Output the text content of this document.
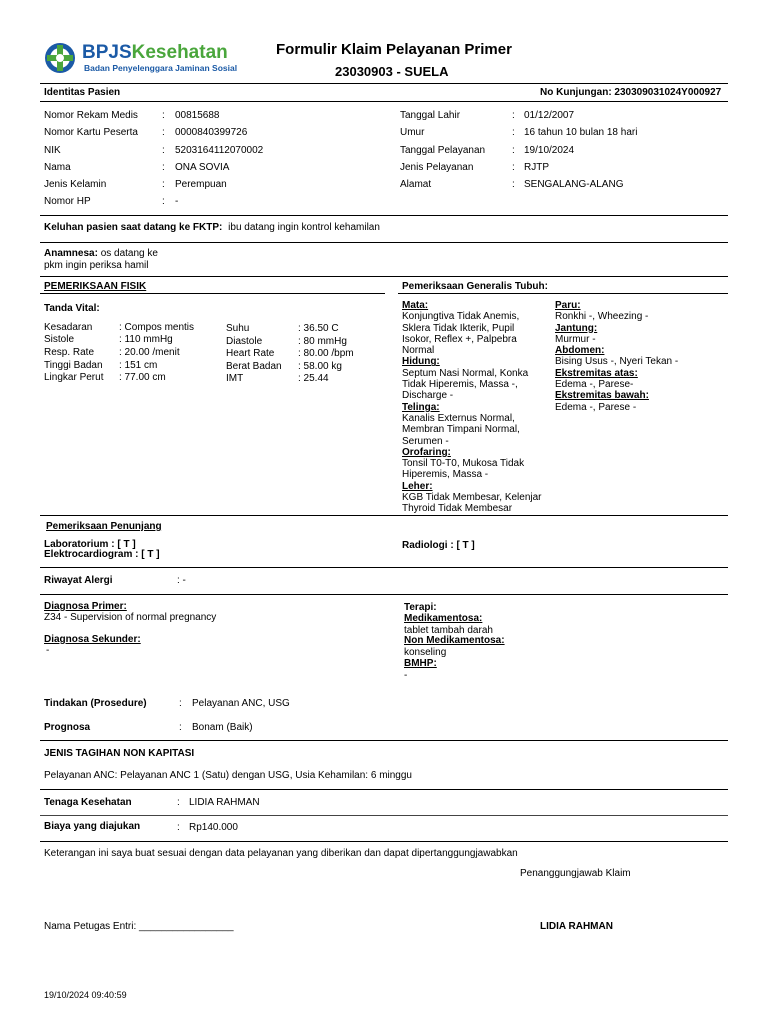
BPJSKesehatan
Badan Penyelenggara Jaminan Sosial
Formulir Klaim Pelayanan Primer
23030903 - SUELA
Identitas Pasien	No Kunjungan: 230309031024Y000927
Nomor Rekam Medis : 00815688
Nomor Kartu Peserta : 0000840399726
NIK	: 5203164112070002
Nama	: ONA SOVIA
Jenis Kelamin	: Perempuan
Nomor HP	: -
Tanggal Lahir	: 01/12/2007
Umur	: 16 tahun 10 bulan 18 hari
Tanggal Pelayanan	: 19/10/2024
Jenis Pelayanan	: RJTP
Alamat	: SENGALANG-ALANG
Keluhan pasien saat datang ke FKTP: ibu datang ingin kontrol kehamilan
Anamnesa: os datang ke
pkm ingin periksa hamil
PEMERIKSAAN FISIK	Pemeriksaan Generalis Tubuh:
Tanda Vital:
Kesadaran	: Compos mentis
Sistole	: 110 mmHg
Resp. Rate : 20.00 /menit
Tinggi Badan : 151 cm
Lingkar Perut : 77.00 cm
Suhu	: 36.50 C
Diastole	: 80 mmHg
Heart Rate : 80.00 /bpm
Berat Badan : 58.00 kg
IMT	: 25.44
Mata:
Konjungtiva Tidak Anemis,
Sklera Tidak Ikterik, Pupil
Isokor, Reflex +, Palpebra
Normal
Hidung:
Septum Nasi Normal, Konka
Tidak Hiperemis, Massa -,
Discharge -
Telinga:
Kanalis Externus Normal,
Membran Timpani Normal,
Serumen -
Orofaring:
Tonsil T0-T0, Mukosa Tidak
Hiperemis, Massa -
Leher:
KGB Tidak Membesar, Kelenjar
Thyroid Tidak Membesar
Paru:
Ronkhi -, Wheezing -
Jantung:
Murmur -
Abdomen:
Bising Usus -, Nyeri Tekan -
Ekstremitas atas:
Edema -, Parese-
Ekstremitas bawah:
Edema -, Parese -
Pemeriksaan Penunjang
Laboratorium : [ T ]
Elektrocardiogram : [ T ]
Radiologi : [ T ]
Riwayat Alergi	: -
Diagnosa Primer:
Z34 - Supervision of normal pregnancy
Diagnosa Sekunder:
-
Terapi:
Medikamentosa:
tablet tambah darah
Non Medikamentosa:
konseling
BMHP:
-
Tindakan (Prosedure)	: Pelayanan ANC, USG
Prognosa	: Bonam (Baik)
JENIS TAGIHAN NON KAPITASI
Pelayanan ANC: Pelayanan ANC 1 (Satu) dengan USG, Usia Kehamilan: 6 minggu
Tenaga Kesehatan	: LIDIA RAHMAN
Biaya yang diajukan	: Rp140.000
Keterangan ini saya buat sesuai dengan data pelayanan yang diberikan dan dapat dipertanggungjawabkan
Penanggungjawab Klaim
Nama Petugas Entri: _________________	LIDIA RAHMAN
19/10/2024 09:40:59
